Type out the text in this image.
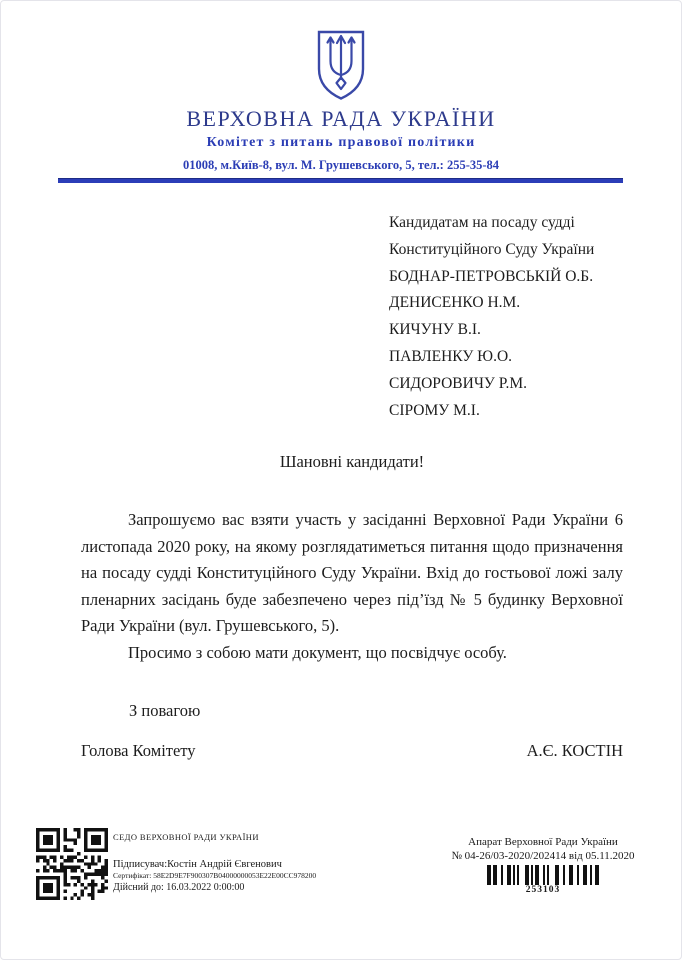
ВЕРХОВНА РАДА УКРАЇНИ
Комітет з питань правової політики
01008, м.Київ-8, вул. М. Грушевського, 5, тел.: 255-35-84
Кандидатам на посаду судді
Конституційного Суду України
БОДНАР-ПЕТРОВСЬКІЙ О.Б.
ДЕНИСЕНКО Н.М.
КИЧУНУ В.І.
ПАВЛЕНКУ Ю.О.
СИДОРОВИЧУ Р.М.
СІРОМУ М.І.
Шановні кандидати!

Запрошуємо вас взяти участь у засіданні Верховної Ради України 6 листопада 2020 року, на якому розглядатиметься питання щодо призначення на посаду судді Конституційного Суду України. Вхід до гостьової ложі залу пленарних засідань буде забезпечено через під’їзд № 5 будинку Верховної Ради України (вул. Грушевського, 5).

Просимо з собою мати документ, що посвідчує особу.

З повагою
Голова Комітету	А.Є. КОСТІН
СЕДО ВЕРХОВНОЇ РАДИ УКРАЇНИ
Підписувач:Костін Андрій Євгенович
Сертифікат: 58E2D9E7F900307B04000000053E22E00CC978200
Дійсний до: 16.03.2022 0:00:00
Апарат Верховної Ради України
№ 04-26/03-2020/202414 від 05.11.2020
253103
